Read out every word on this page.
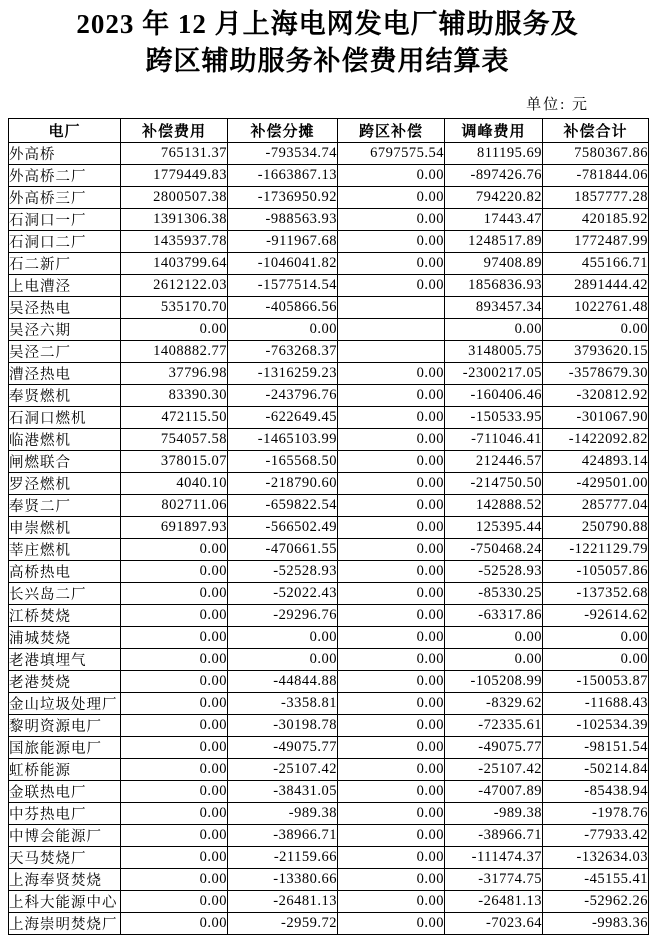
2023 年 12 月上海电网发电厂辅助服务及
跨区辅助服务补偿费用结算表
单位: 元
电厂	补偿费用	补偿分摊	跨区补偿	调峰费用	补偿合计
外高桥	765131.37	-793534.74	6797575.54	811195.69	7580367.86
外高桥二厂	1779449.83	-1663867.13	0.00	-897426.76	-781844.06
外高桥三厂	2800507.38	-1736950.92	0.00	794220.82	1857777.28
石洞口一厂	1391306.38	-988563.93	0.00	17443.47	420185.92
石洞口二厂	1435937.78	-911967.68	0.00	1248517.89	1772487.99
石二新厂	1403799.64	-1046041.82	0.00	97408.89	455166.71
上电漕泾	2612122.03	-1577514.54	0.00	1856836.93	2891444.42
吴泾热电	535170.70	-405866.56		893457.34	1022761.48
吴泾六期	0.00	0.00		0.00	0.00
吴泾二厂	1408882.77	-763268.37		3148005.75	3793620.15
漕泾热电	37796.98	-1316259.23	0.00	-2300217.05	-3578679.30
奉贤燃机	83390.30	-243796.76	0.00	-160406.46	-320812.92
石洞口燃机	472115.50	-622649.45	0.00	-150533.95	-301067.90
临港燃机	754057.58	-1465103.99	0.00	-711046.41	-1422092.82
闸燃联合	378015.07	-165568.50	0.00	212446.57	424893.14
罗泾燃机	4040.10	-218790.60	0.00	-214750.50	-429501.00
奉贤二厂	802711.06	-659822.54	0.00	142888.52	285777.04
申崇燃机	691897.93	-566502.49	0.00	125395.44	250790.88
莘庄燃机	0.00	-470661.55	0.00	-750468.24	-1221129.79
高桥热电	0.00	-52528.93	0.00	-52528.93	-105057.86
长兴岛二厂	0.00	-52022.43	0.00	-85330.25	-137352.68
江桥焚烧	0.00	-29296.76	0.00	-63317.86	-92614.62
浦城焚烧	0.00	0.00	0.00	0.00	0.00
老港填埋气	0.00	0.00	0.00	0.00	0.00
老港焚烧	0.00	-44844.88	0.00	-105208.99	-150053.87
金山垃圾处理厂	0.00	-3358.81	0.00	-8329.62	-11688.43
黎明资源电厂	0.00	-30198.78	0.00	-72335.61	-102534.39
国旅能源电厂	0.00	-49075.77	0.00	-49075.77	-98151.54
虹桥能源	0.00	-25107.42	0.00	-25107.42	-50214.84
金联热电厂	0.00	-38431.05	0.00	-47007.89	-85438.94
中芬热电厂	0.00	-989.38	0.00	-989.38	-1978.76
中博会能源厂	0.00	-38966.71	0.00	-38966.71	-77933.42
天马焚烧厂	0.00	-21159.66	0.00	-111474.37	-132634.03
上海奉贤焚烧	0.00	-13380.66	0.00	-31774.75	-45155.41
上科大能源中心	0.00	-26481.13	0.00	-26481.13	-52962.26
上海崇明焚烧厂	0.00	-2959.72	0.00	-7023.64	-9983.36
